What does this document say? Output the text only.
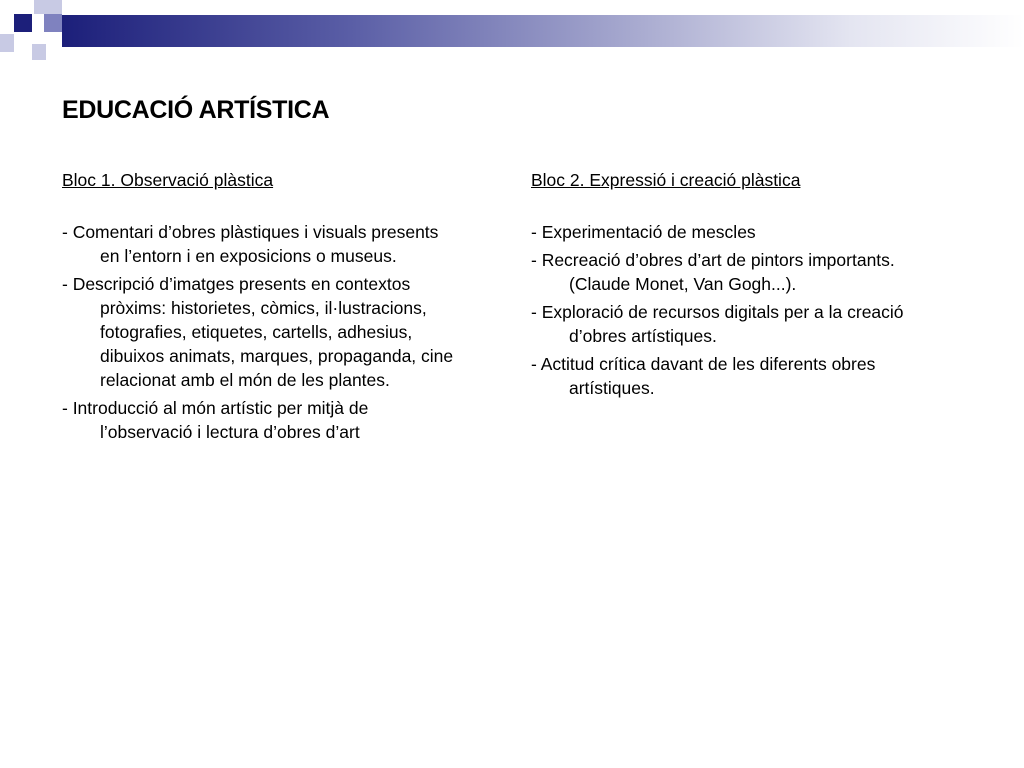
EDUCACIÓ ARTÍSTICA

Bloc 1. Observació plàstica

- Comentari d’obres plàstiques i visuals presents en l’entorn i en exposicions o museus.

- Descripció d’imatges presents en contextos pròxims: historietes, còmics, il·lustracions, fotografies, etiquetes, cartells, adhesius, dibuixos animats, marques, propaganda, cine relacionat amb el món de les plantes.

- Introducció al món artístic per mitjà de l’observació i lectura d’obres d’art

Bloc 2. Expressió i creació plàstica

- Experimentació de mescles

- Recreació d’obres d’art de pintors importants. (Claude Monet, Van Gogh...).

- Exploració de recursos digitals per a la creació d’obres artístiques.

- Actitud crítica davant de les diferents obres artístiques.
